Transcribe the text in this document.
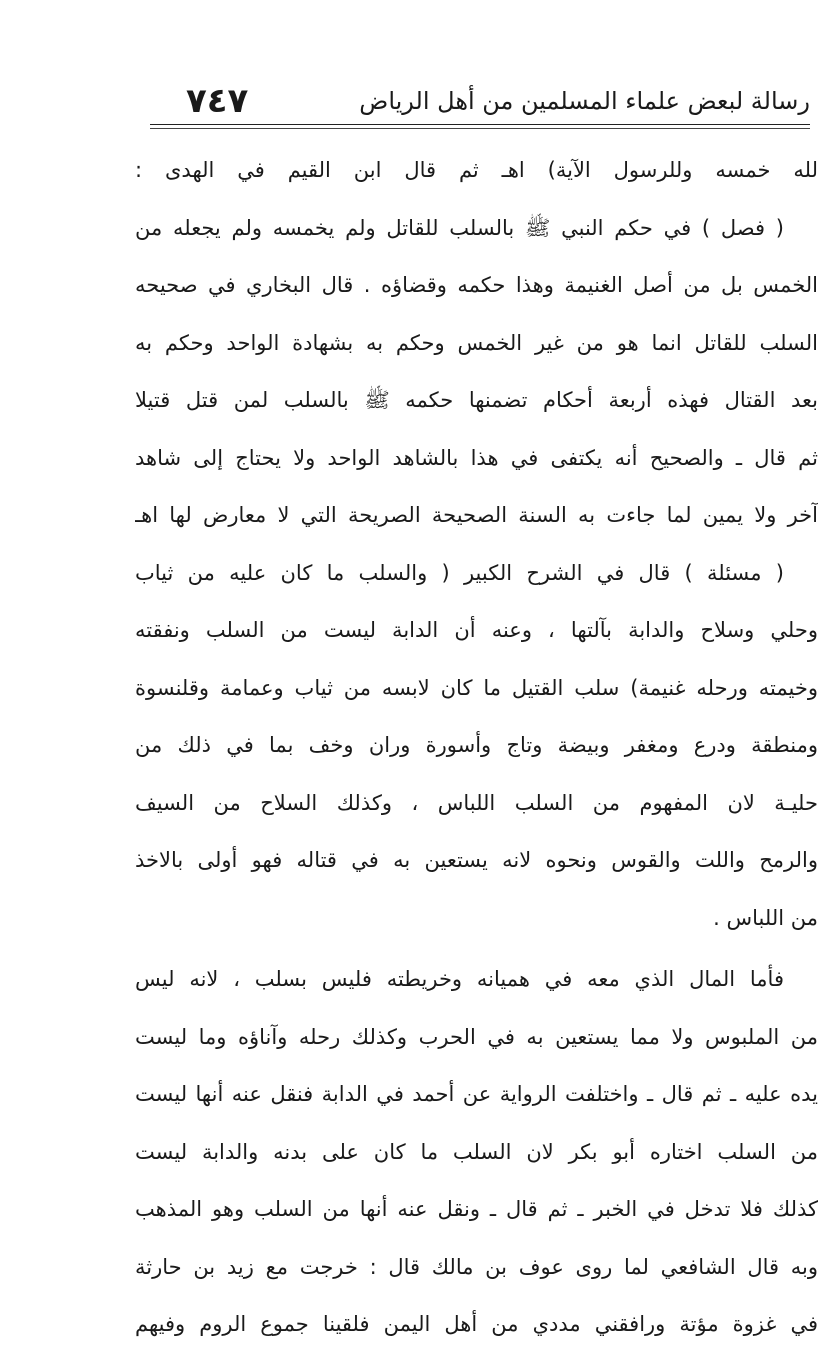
رسالة لبعض علماء المسلمين من أهل الرياض
٧٤٧
لله خمسه وللرسول الآية) اهـ ثم قال ابن القيم في الهدى :
( فصل ) في حكم النبي ﷺ بالسلب للقاتل ولم يخمسه ولم يجعله من
الخمس بل من أصل الغنيمة وهذا حكمه وقضاؤه . قال البخاري في صحيحه
السلب للقاتل انما هو من غير الخمس وحكم به بشهادة الواحد وحكم به
بعد القتال فهذه أربعة أحكام تضمنها حكمه ﷺ بالسلب لمن قتل قتيلا
ثم قال ـ والصحيح أنه يكتفى في هذا بالشاهد الواحد ولا يحتاج إلى شاهد
آخر ولا يمين لما جاءت به السنة الصحيحة الصريحة التي لا معارض لها اهـ
( مسئلة ) قال في الشرح الكبير ( والسلب ما كان عليه من ثياب
وحلي وسلاح والدابة بآلتها ، وعنه أن الدابة ليست من السلب ونفقته
وخيمته ورحله غنيمة) سلب القتيل ما كان لابسه من ثياب وعمامة وقلنسوة
ومنطقة ودرع ومغفر وبيضة وتاج وأسورة وران وخف بما في ذلك من
حليـة لان المفهوم من السلب اللباس ، وكذلك السلاح من السيف
والرمح واللت والقوس ونحوه لانه يستعين به في قتاله فهو أولى بالاخذ
من اللباس .
فأما المال الذي معه في هميانه وخريطته فليس بسلب ، لانه ليس
من الملبوس ولا مما يستعين به في الحرب وكذلك رحله وآناؤه وما ليست
يده عليه ـ ثم قال ـ واختلفت الرواية عن أحمد في الدابة فنقل عنه أنها ليست
من السلب اختاره أبو بكر لان السلب ما كان على بدنه والدابة ليست
كذلك فلا تدخل في الخبر ـ ثم قال ـ ونقل عنه أنها من السلب وهو المذهب
وبه قال الشافعي لما روى عوف بن مالك قال : خرجت مع زيد بن حارثة
في غزوة مؤتة ورافقني مددي من أهل اليمن فلقينا جموع الروم وفيهم
